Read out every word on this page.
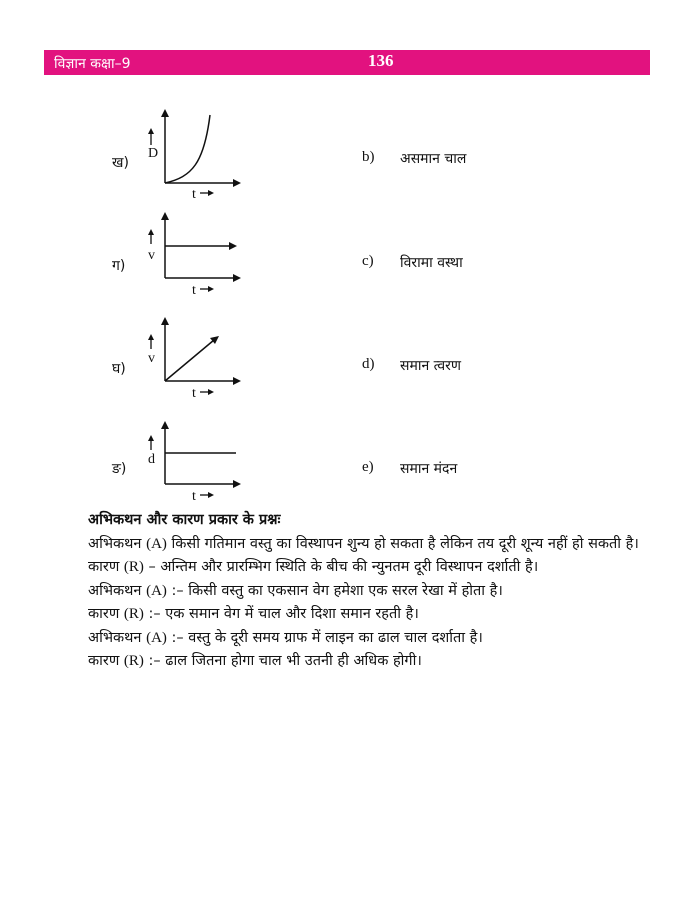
विज्ञान कक्षा–9	136
ख)
D
t
b) असमान चाल
ग)
v
t
c) विरामा वस्था
घ)
v
t
d) समान त्वरण
ङ)
d
t
e) समान मंदन

अभिकथन और कारण प्रकार के प्रश्नः

अभिकथन (A) किसी गतिमान वस्तु का विस्थापन शुन्य हो सकता है लेकिन तय दूरी शून्य नहीं हो सकती है।

कारण (R) – अन्तिम और प्रारम्भिग स्थिति के बीच की न्युनतम दूरी विस्थापन दर्शाती है।

अभिकथन (A) :– किसी वस्तु का एकसान वेग हमेशा एक सरल रेखा में होता है।

कारण (R) :– एक समान वेग में चाल और दिशा समान रहती है।

अभिकथन (A) :– वस्तु के दूरी समय ग्राफ में लाइन का ढाल चाल दर्शाता है।

कारण (R) :– ढाल जितना होगा चाल भी उतनी ही अधिक होगी।
